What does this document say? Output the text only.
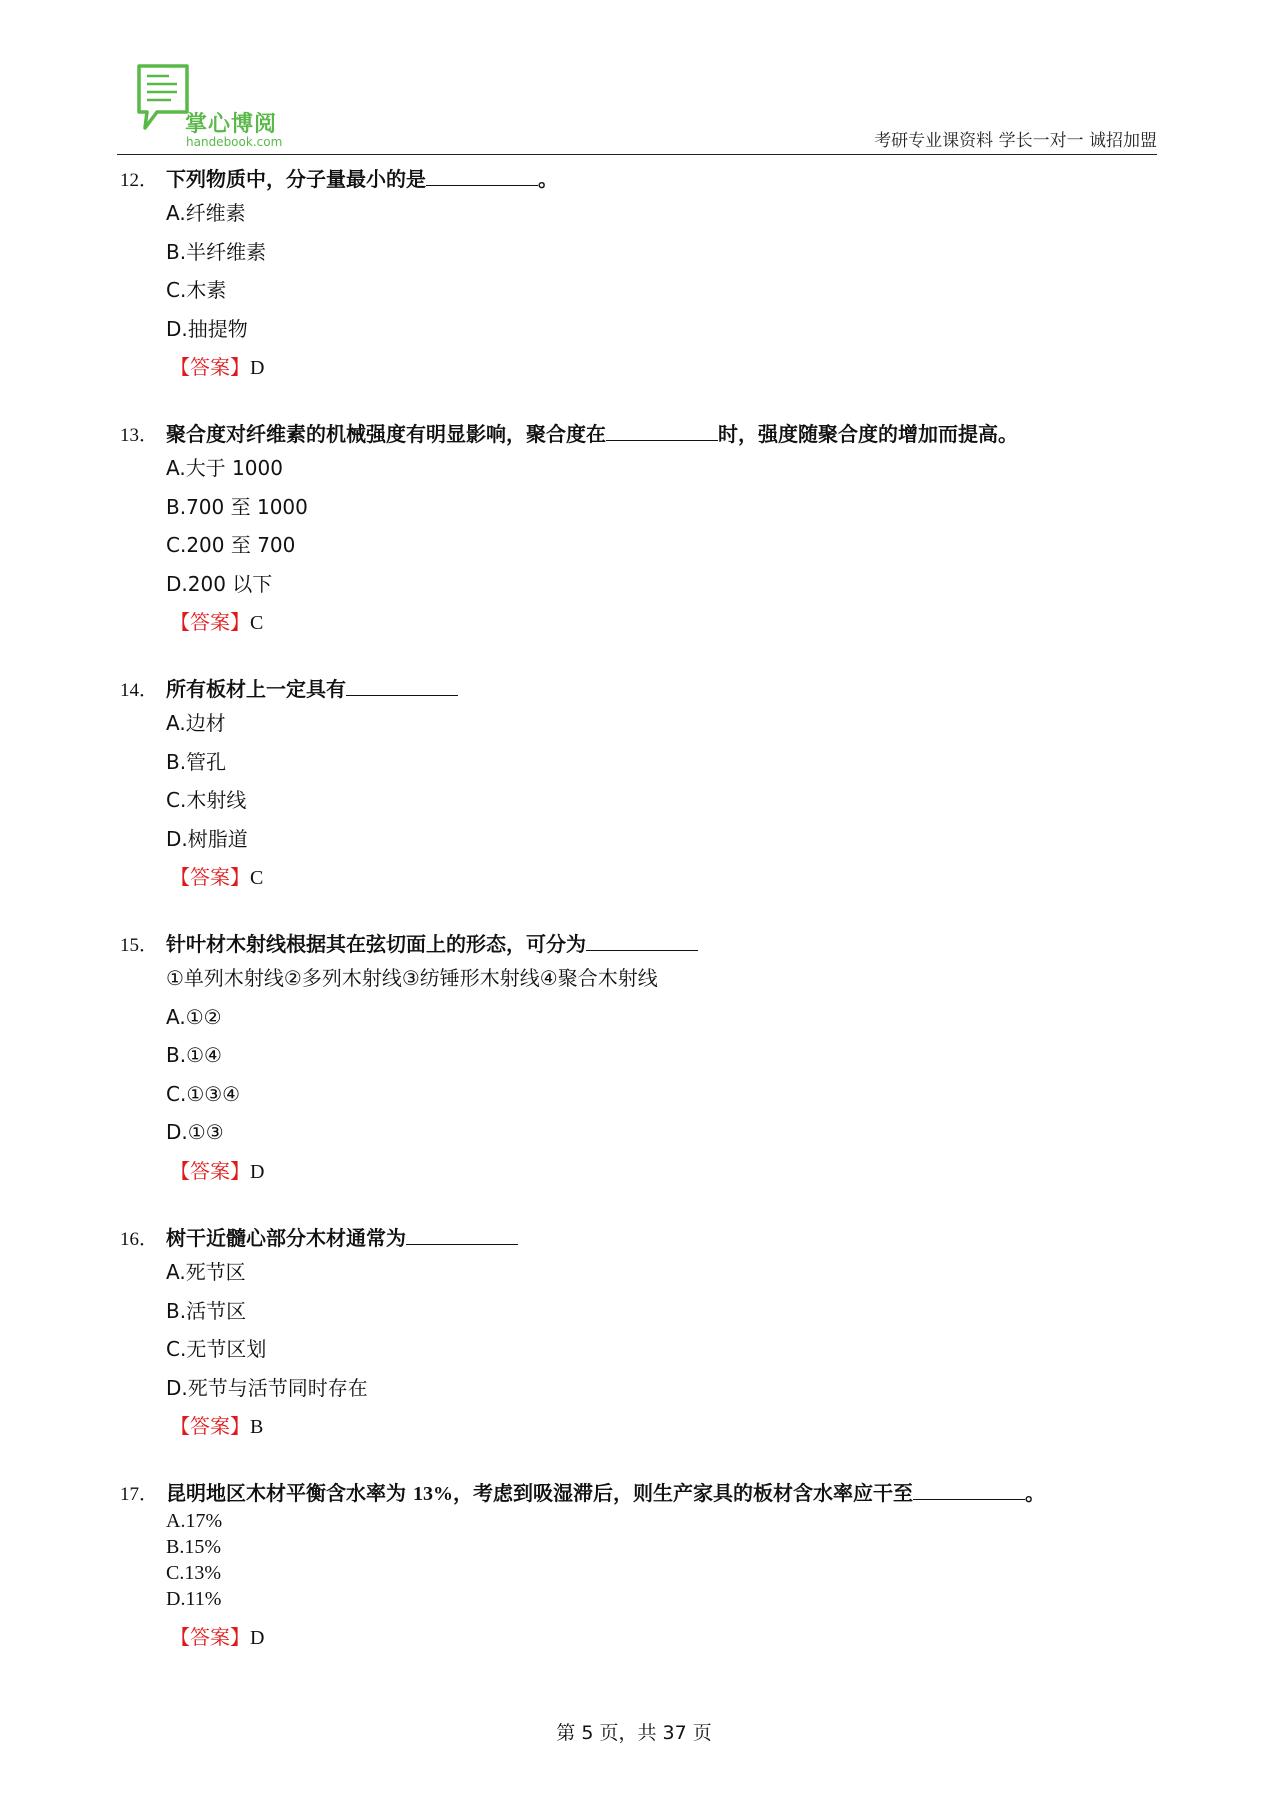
掌心博阅
handebook.com	考研专业课资料 学长一对一 诚招加盟
12． 下列物质中，分子量最小的是	。
A.纤维素
B.半纤维素
C.木素
D.抽提物
【答案】D
13． 聚合度对纤维素的机械强度有明显影响，聚合度在	时，强度随聚合度的增加而提高。
A.大于 1000
B.700 至 1000
C.200 至 700
D.200 以下
【答案】C
14． 所有板材上一定具有
A.边材
B.管孔
C.木射线
D.树脂道
【答案】C
15． 针叶材木射线根据其在弦切面上的形态，可分为
①单列木射线②多列木射线③纺锤形木射线④聚合木射线
A.①②
B.①④
C.①③④
D.①③
【答案】D
16． 树干近髓心部分木材通常为
A.死节区
B.活节区
C.无节区划
D.死节与活节同时存在
【答案】B
17． 昆明地区木材平衡含水率为 13%，考虑到吸湿滞后，则生产家具的板材含水率应干至	。
A.17%
B.15%
C.13%
D.11%
【答案】D
第 5 页，共 37 页
